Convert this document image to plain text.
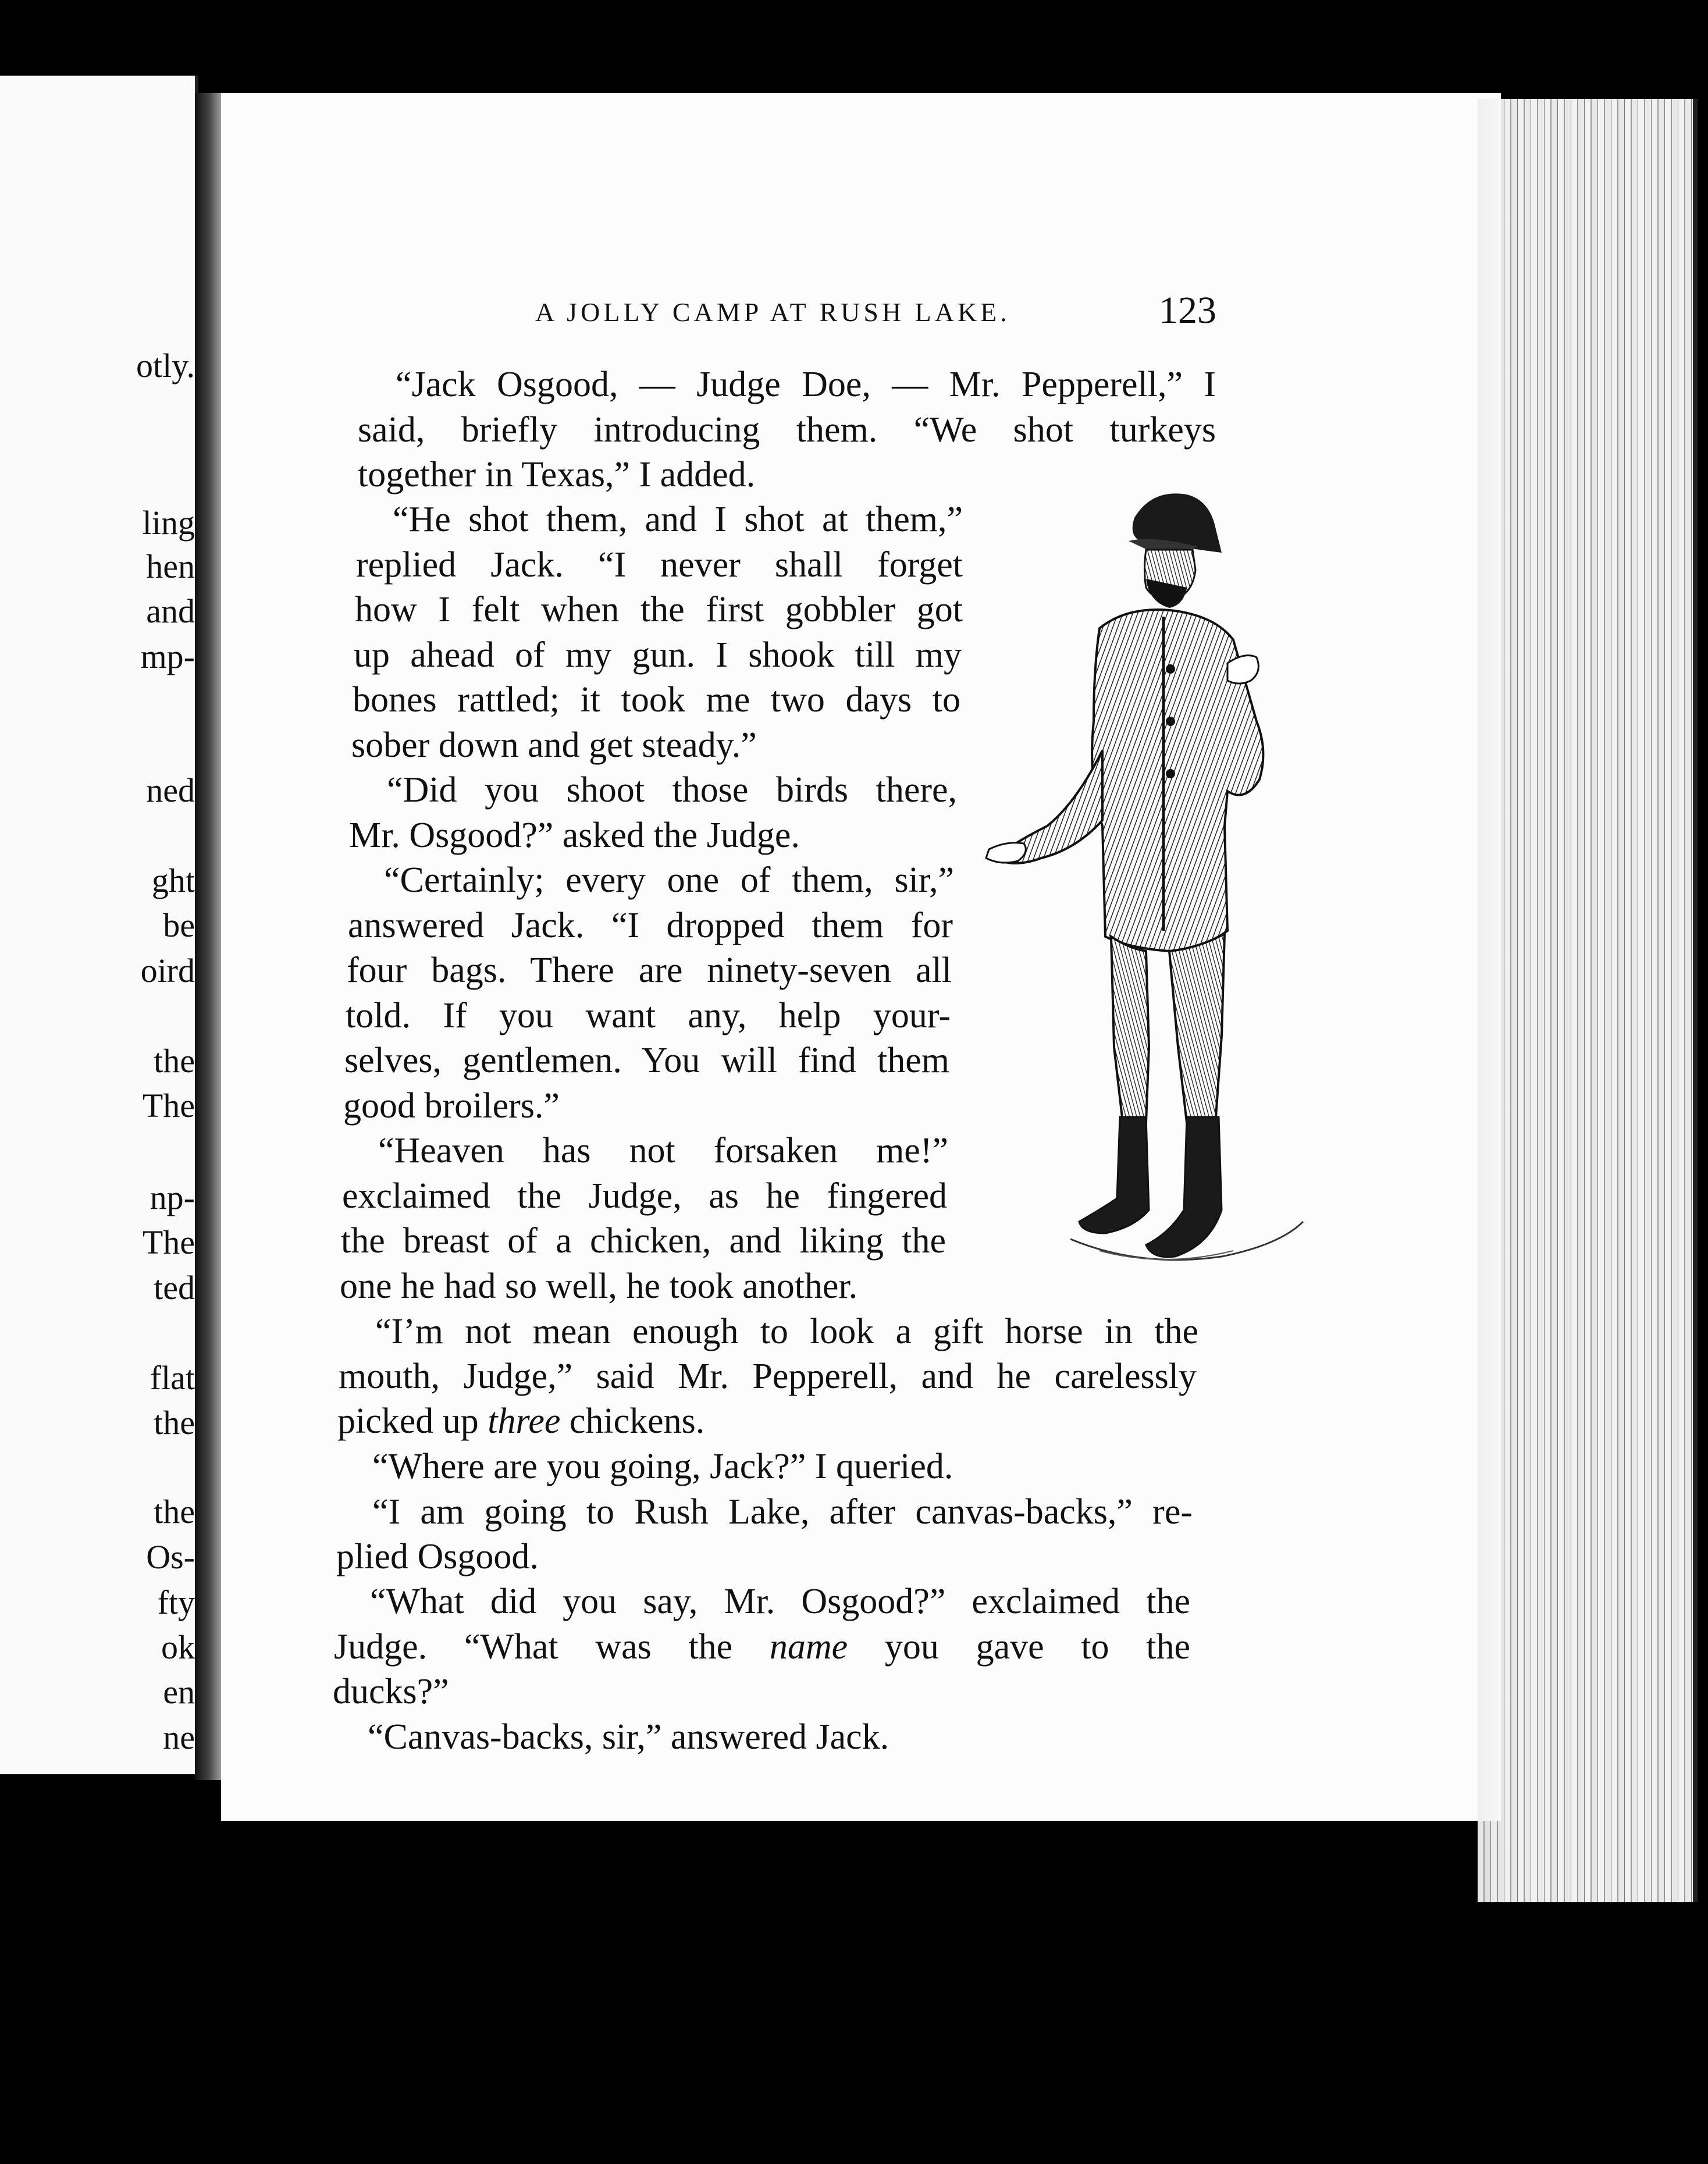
otly.
ling
hen
and
mp-
ned
ght
be
oird
the
The
np-
The
ted
flat
the
the
Os-
fty
ok
en
ne
A JOLLY CAMP AT RUSH LAKE.	123
“Jack Osgood, — Judge Doe, — Mr. Pepperell,” I
said, briefly introducing them. “We shot turkeys
together in Texas,” I added.
“He shot them, and I shot at them,”
replied Jack. “I never shall forget
how I felt when the first gobbler got
up ahead of my gun. I shook till my
bones rattled; it took me two days to
sober down and get steady.”
“Did you shoot those birds there,
Mr. Osgood?” asked the Judge.
“Certainly; every one of them, sir,”
answered Jack. “I dropped them for
four bags. There are ninety-seven all
told. If you want any, help your-
selves, gentlemen. You will find them
good broilers.”
“Heaven has not forsaken me!”
exclaimed the Judge, as he fingered
the breast of a chicken, and liking the
one he had so well, he took another.
“I’m not mean enough to look a gift horse in the
mouth, Judge,” said Mr. Pepperell, and he carelessly
picked up three chickens.
“Where are you going, Jack?” I queried.
“I am going to Rush Lake, after canvas-backs,” re-
plied Osgood.
“What did you say, Mr. Osgood?” exclaimed the
Judge. “What was the name you gave to the
ducks?”
“Canvas-backs, sir,” answered Jack.
